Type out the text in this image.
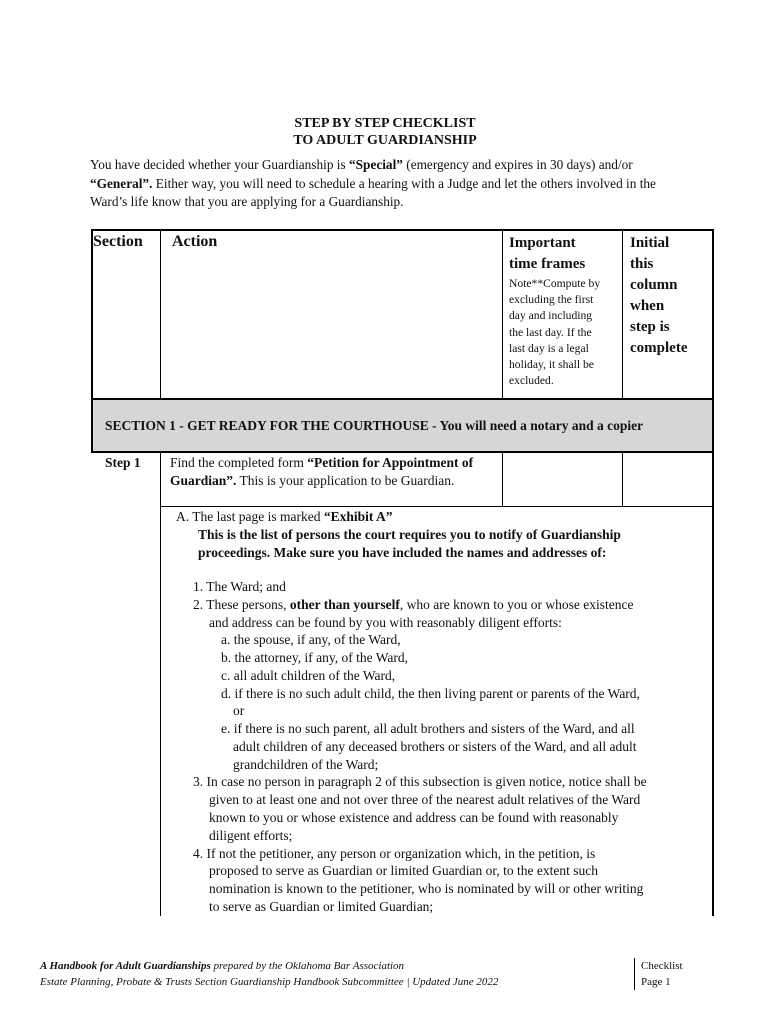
STEP BY STEP CHECKLIST
TO ADULT GUARDIANSHIP
You have decided whether your Guardianship is “Special” (emergency and expires in 30 days) and/or “General”. Either way, you will need to schedule a hearing with a Judge and let the others involved in the Ward’s life know that you are applying for a Guardianship.
Section Action	Important
time frames
Note**Compute by
excluding the first
day and including
the last day. If the
last day is a legal
holiday, it shall be
excluded.
Initial
this
column
when
step is
complete
SECTION 1 - GET READY FOR THE COURTHOUSE - You will need a notary and a copier
Step 1 Find the completed form “Petition for Appointment of Guardian”. This is your application to be Guardian.
A. The last page is marked “Exhibit A”
This is the list of persons the court requires you to notify of Guardianship
proceedings. Make sure you have included the names and addresses of:
1. The Ward; and
2. These persons, other than yourself, who are known to you or whose existence
and address can be found by you with reasonably diligent efforts:
a. the spouse, if any, of the Ward,
b. the attorney, if any, of the Ward,
c. all adult children of the Ward,
d. if there is no such adult child, the then living parent or parents of the Ward,
or
e. if there is no such parent, all adult brothers and sisters of the Ward, and all
adult children of any deceased brothers or sisters of the Ward, and all adult
grandchildren of the Ward;
3. In case no person in paragraph 2 of this subsection is given notice, notice shall be
given to at least one and not over three of the nearest adult relatives of the Ward
known to you or whose existence and address can be found with reasonably
diligent efforts;
4. If not the petitioner, any person or organization which, in the petition, is
proposed to serve as Guardian or limited Guardian or, to the extent such
nomination is known to the petitioner, who is nominated by will or other writing
to serve as Guardian or limited Guardian;
A Handbook for Adult Guardianships prepared by the Oklahoma Bar Association
Estate Planning, Probate & Trusts Section Guardianship Handbook Subcommittee | Updated June 2022
Checklist
Page 1
